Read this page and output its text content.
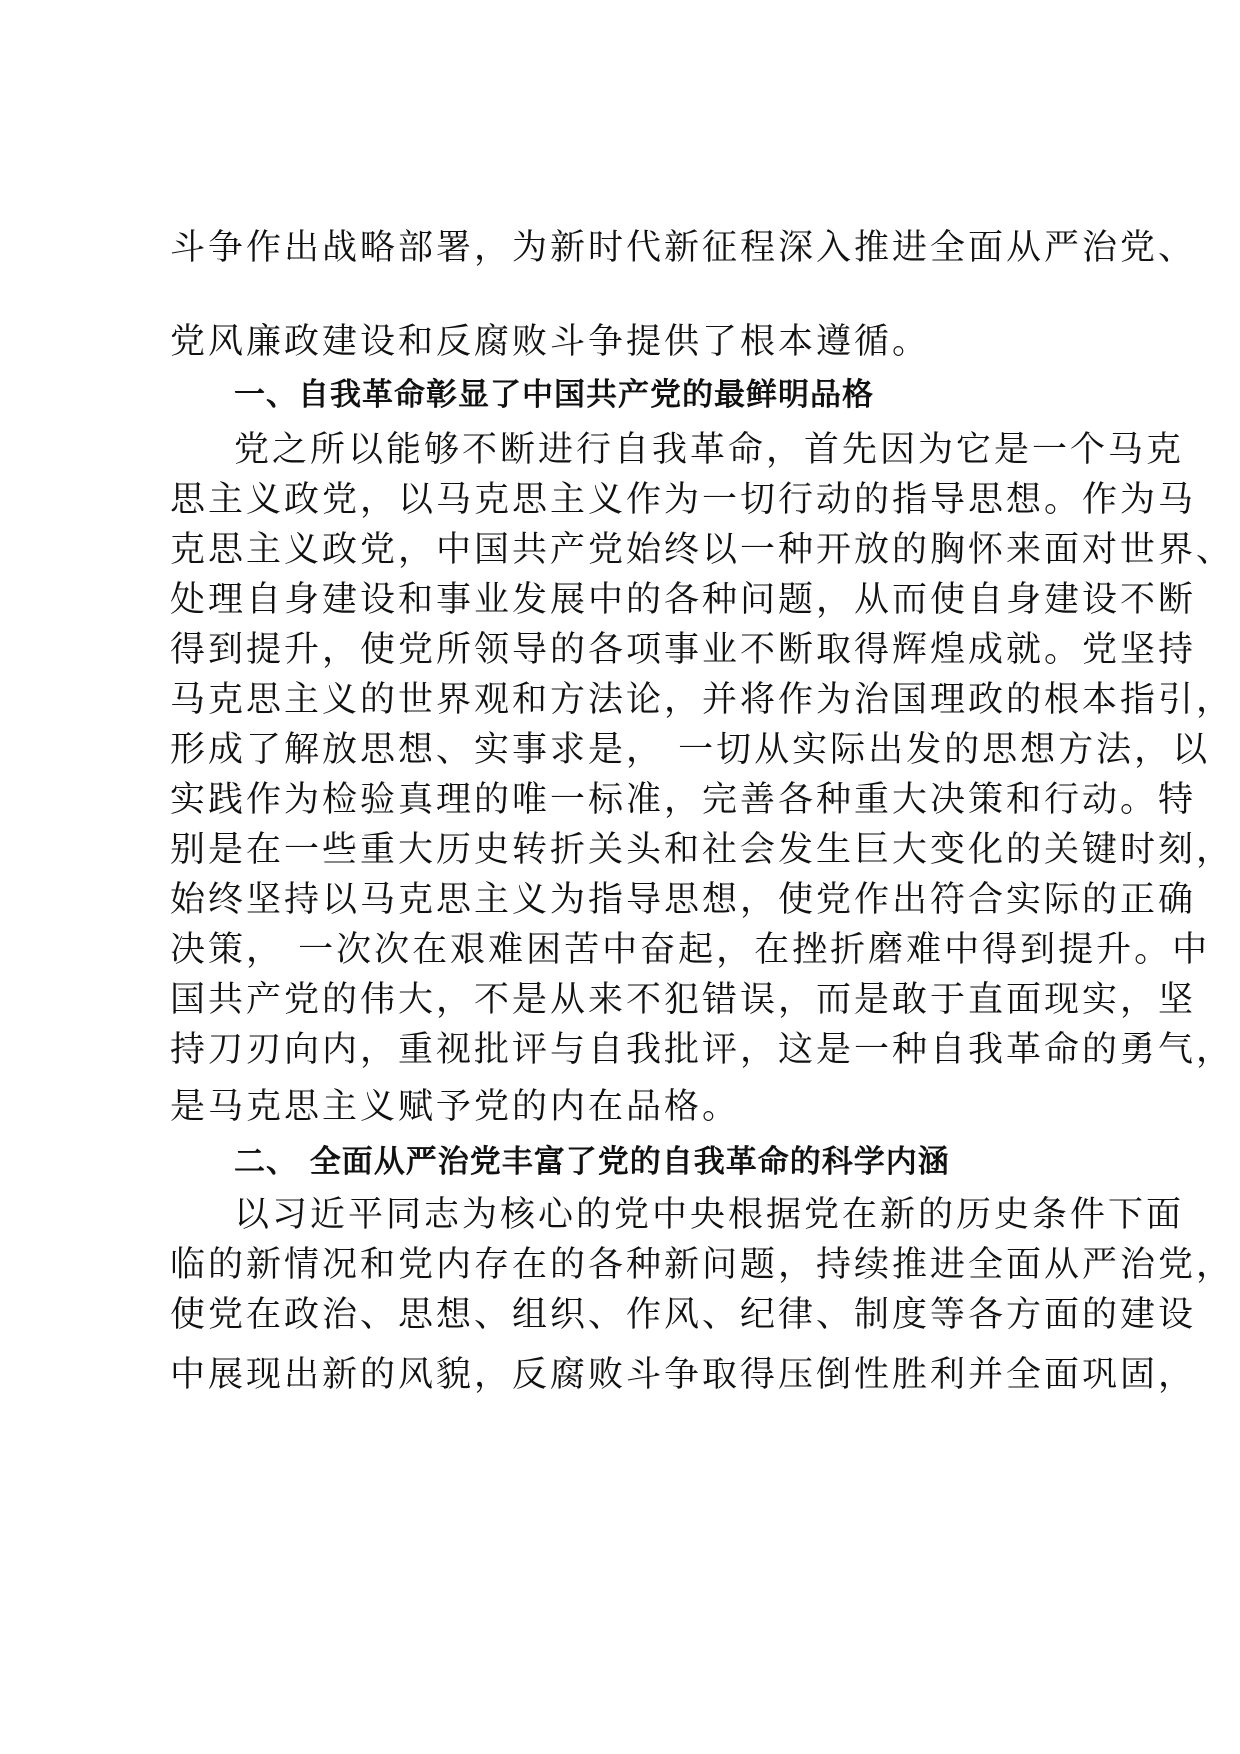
斗争作出战略部署，为新时代新征程深入推进全面从严治党、
党风廉政建设和反腐败斗争提供了根本遵循。
一、自我革命彰显了中国共产党的最鲜明品格
党之所以能够不断进行自我革命，首先因为它是一个马克
思主义政党，以马克思主义作为一切行动的指导思想。作为马
克思主义政党，中国共产党始终以一种开放的胸怀来面对世界、
处理自身建设和事业发展中的各种问题，从而使自身建设不断
得到提升，使党所领导的各项事业不断取得辉煌成就。党坚持
马克思主义的世界观和方法论，并将作为治国理政的根本指引，
形成了解放思想、实事求是， 一切从实际出发的思想方法，以
实践作为检验真理的唯一标准，完善各种重大决策和行动。特
别是在一些重大历史转折关头和社会发生巨大变化的关键时刻，
始终坚持以马克思主义为指导思想，使党作出符合实际的正确
决策， 一次次在艰难困苦中奋起，在挫折磨难中得到提升。中
国共产党的伟大，不是从来不犯错误，而是敢于直面现实，坚
持刀刃向内，重视批评与自我批评，这是一种自我革命的勇气，
是马克思主义赋予党的内在品格。
二、 全面从严治党丰富了党的自我革命的科学内涵
以习近平同志为核心的党中央根据党在新的历史条件下面
临的新情况和党内存在的各种新问题，持续推进全面从严治党，
使党在政治、思想、组织、作风、纪律、制度等各方面的建设
中展现出新的风貌，反腐败斗争取得压倒性胜利并全面巩固，
